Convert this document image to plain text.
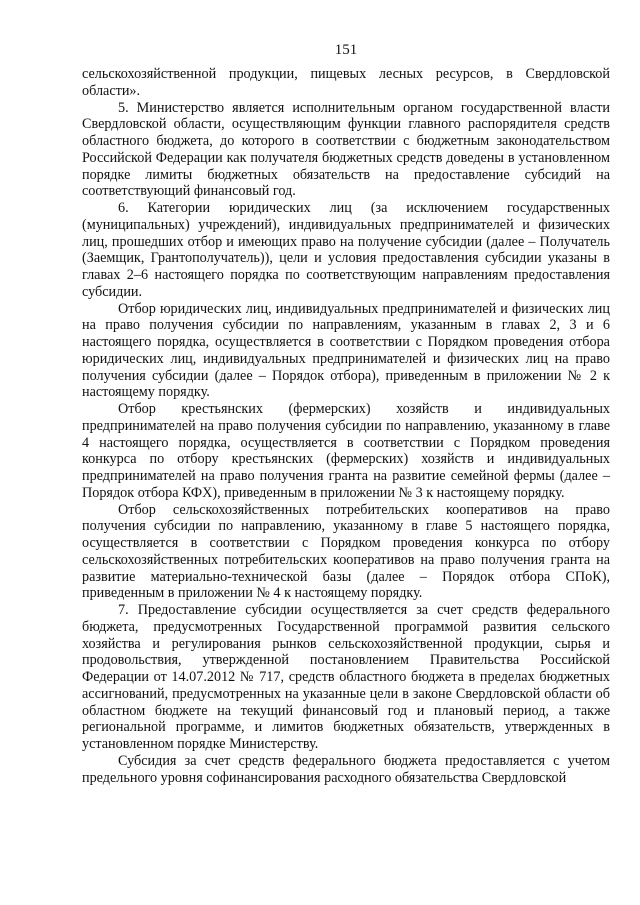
151

сельскохозяйственной продукции, пищевых лесных ресурсов, в Свердловской области».

5. Министерство является исполнительным органом государственной власти Свердловской области, осуществляющим функции главного распорядителя средств областного бюджета, до которого в соответствии с бюджетным законодательством Российской Федерации как получателя бюджетных средств доведены в установленном порядке лимиты бюджетных обязательств на предоставление субсидий на соответствующий финансовый год.

6. Категории юридических лиц (за исключением государственных (муниципальных) учреждений), индивидуальных предпринимателей и физических лиц, прошедших отбор и имеющих право на получение субсидии (далее – Получатель (Заемщик, Грантополучатель)), цели и условия предоставления субсидии указаны в главах 2–6 настоящего порядка по соответствующим направлениям предоставления субсидии.

Отбор юридических лиц, индивидуальных предпринимателей и физических лиц на право получения субсидии по направлениям, указанным в главах 2, 3 и 6 настоящего порядка, осуществляется в соответствии с Порядком проведения отбора юридических лиц, индивидуальных предпринимателей и физических лиц на право получения субсидии (далее – Порядок отбора), приведенным в приложении № 2 к настоящему порядку.

Отбор крестьянских (фермерских) хозяйств и индивидуальных предпринимателей на право получения субсидии по направлению, указанному в главе 4 настоящего порядка, осуществляется в соответствии с Порядком проведения конкурса по отбору крестьянских (фермерских) хозяйств и индивидуальных предпринимателей на право получения гранта на развитие семейной фермы (далее – Порядок отбора КФХ), приведенным в приложении № 3 к настоящему порядку.

Отбор сельскохозяйственных потребительских кооперативов на право получения субсидии по направлению, указанному в главе 5 настоящего порядка, осуществляется в соответствии с Порядком проведения конкурса по отбору сельскохозяйственных потребительских кооперативов на право получения гранта на развитие материально-технической базы (далее – Порядок отбора СПоК), приведенным в приложении № 4 к настоящему порядку.

7. Предоставление субсидии осуществляется за счет средств федерального бюджета, предусмотренных Государственной программой развития сельского хозяйства и регулирования рынков сельскохозяйственной продукции, сырья и продовольствия, утвержденной постановлением Правительства Российской Федерации от 14.07.2012 № 717, средств областного бюджета в пределах бюджетных ассигнований, предусмотренных на указанные цели в законе Свердловской области об областном бюджете на текущий финансовый год и плановый период, а также региональной программе, и лимитов бюджетных обязательств, утвержденных в установленном порядке Министерству.

Субсидия за счет средств федерального бюджета предоставляется с учетом предельного уровня софинансирования расходного обязательства Свердловской
